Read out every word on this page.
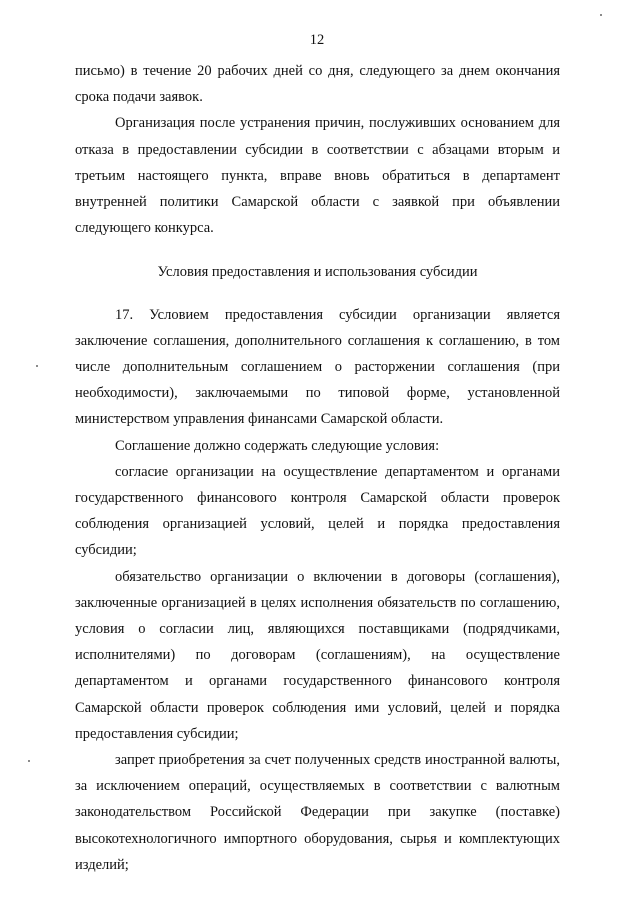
12

письмо) в течение 20 рабочих дней со дня, следующего за днем окончания срока подачи заявок.

Организация после устранения причин, послуживших основанием для отказа в предоставлении субсидии в соответствии с абзацами вторым и третьим настоящего пункта, вправе вновь обратиться в департамент внутренней политики Самарской области с заявкой при объявлении следующего конкурса.

Условия предоставления и использования субсидии

17. Условием предоставления субсидии организации является заключение соглашения, дополнительного соглашения к соглашению, в том числе дополнительным соглашением о расторжении соглашения (при необходимости), заключаемыми по типовой форме, установленной министерством управления финансами Самарской области.

Соглашение должно содержать следующие условия:

согласие организации на осуществление департаментом и органами государственного финансового контроля Самарской области проверок соблюдения организацией условий, целей и порядка предоставления субсидии;

обязательство организации о включении в договоры (соглашения), заключенные организацией в целях исполнения обязательств по соглашению, условия о согласии лиц, являющихся поставщиками (подрядчиками, исполнителями) по договорам (соглашениям), на осуществление департаментом и органами государственного финансового контроля Самарской области проверок соблюдения ими условий, целей и порядка предоставления субсидии;

запрет приобретения за счет полученных средств иностранной валюты, за исключением операций, осуществляемых в соответствии с валютным законодательством Российской Федерации при закупке (поставке) высокотехнологичного импортного оборудования, сырья и комплектующих изделий;
